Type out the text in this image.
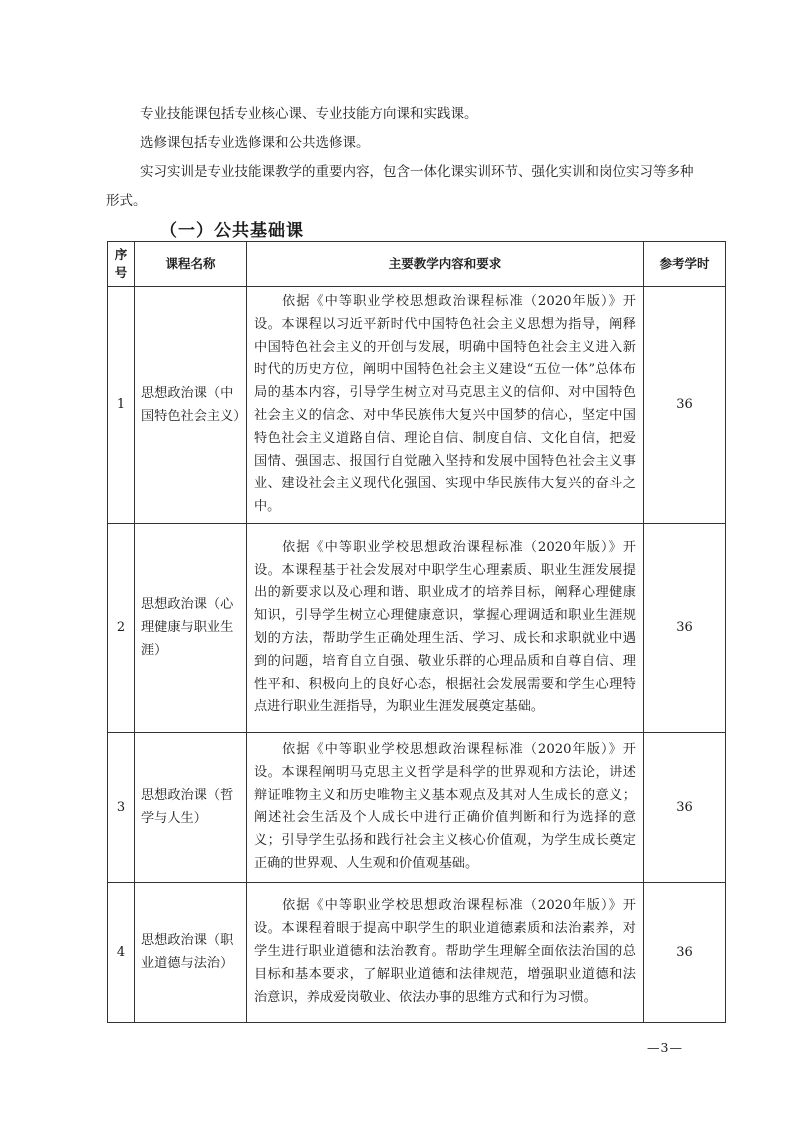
专业技能课包括专业核心课、专业技能方向课和实践课。

选修课包括专业选修课和公共选修课。

实习实训是专业技能课教学的重要内容，包含一体化课实训环节、强化实训和岗位实习等多种形式。

（一）公共基础课
序号	课程名称	主要教学内容和要求	参考学时
1	思想政治课（中国特色社会主义）	依据《中等职业学校思想政治课程标准（2020年版）》开设。本课程以习近平新时代中国特色社会主义思想为指导，阐释中国特色社会主义的开创与发展，明确中国特色社会主义进入新时代的历史方位，阐明中国特色社会主义建设“五位一体”总体布局的基本内容，引导学生树立对马克思主义的信仰、对中国特色社会主义的信念、对中华民族伟大复兴中国梦的信心，坚定中国特色社会主义道路自信、理论自信、制度自信、文化自信，把爱国情、强国志、报国行自觉融入坚持和发展中国特色社会主义事业、建设社会主义现代化强国、实现中华民族伟大复兴的奋斗之中。	36
2	思想政治课（心理健康与职业生涯）	依据《中等职业学校思想政治课程标准（2020年版）》开设。本课程基于社会发展对中职学生心理素质、职业生涯发展提出的新要求以及心理和谐、职业成才的培养目标，阐释心理健康知识，引导学生树立心理健康意识，掌握心理调适和职业生涯规划的方法，帮助学生正确处理生活、学习、成长和求职就业中遇到的问题，培育自立自强、敬业乐群的心理品质和自尊自信、理性平和、积极向上的良好心态，根据社会发展需要和学生心理特点进行职业生涯指导，为职业生涯发展奠定基础。	36
3	思想政治课（哲学与人生）	依据《中等职业学校思想政治课程标准（2020年版）》开设。本课程阐明马克思主义哲学是科学的世界观和方法论，讲述辩证唯物主义和历史唯物主义基本观点及其对人生成长的意义；阐述社会生活及个人成长中进行正确价值判断和行为选择的意义；引导学生弘扬和践行社会主义核心价值观，为学生成长奠定正确的世界观、人生观和价值观基础。	36
4	思想政治课（职业道德与法治）	依据《中等职业学校思想政治课程标准（2020年版）》开设。本课程着眼于提高中职学生的职业道德素质和法治素养，对学生进行职业道德和法治教育。帮助学生理解全面依法治国的总目标和基本要求，了解职业道德和法律规范，增强职业道德和法治意识，养成爱岗敬业、依法办事的思维方式和行为习惯。	36
—3—
